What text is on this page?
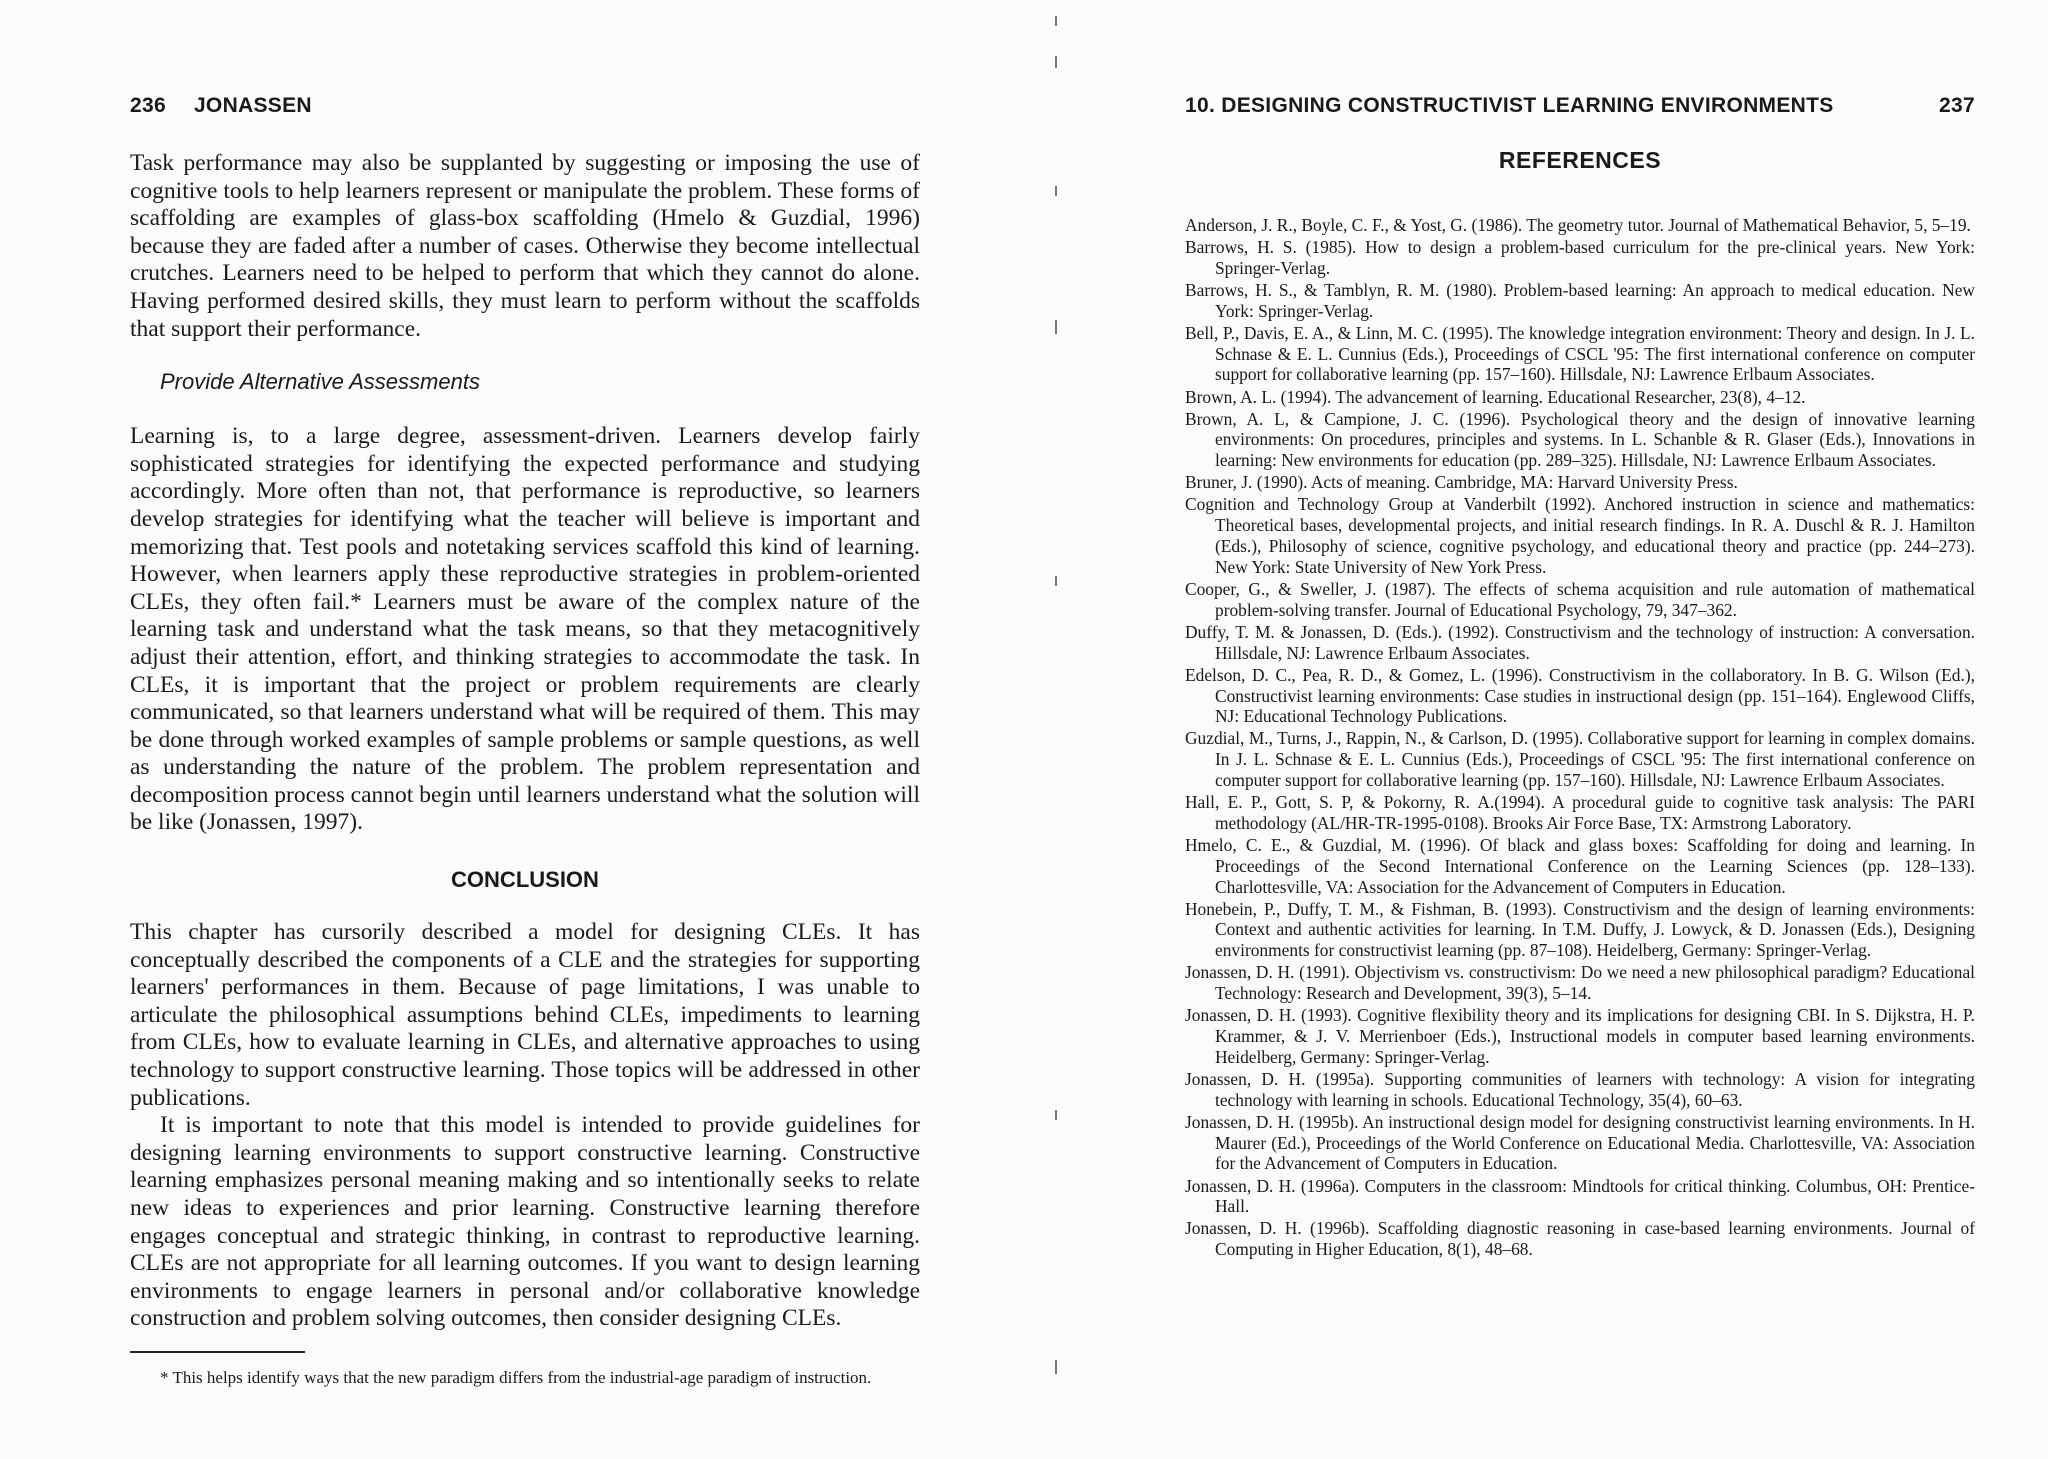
236 JONASSEN

Task performance may also be supplanted by suggesting or imposing the use of cognitive tools to help learners represent or manipulate the problem. These forms of scaffolding are examples of glass-box scaffolding (Hmelo & Guzdial, 1996) because they are faded after a number of cases. Otherwise they become intellectual crutches. Learners need to be helped to perform that which they cannot do alone. Having performed desired skills, they must learn to perform without the scaffolds that support their performance.

Provide Alternative Assessments

Learning is, to a large degree, assessment-driven. Learners develop fairly sophisticated strategies for identifying the expected performance and studying accordingly. More often than not, that performance is reproductive, so learners develop strategies for identifying what the teacher will believe is important and memorizing that. Test pools and notetaking services scaffold this kind of learning. However, when learners apply these reproductive strategies in problem-oriented CLEs, they often fail.* Learners must be aware of the complex nature of the learning task and understand what the task means, so that they metacognitively adjust their attention, effort, and thinking strategies to accommodate the task. In CLEs, it is important that the project or problem requirements are clearly communicated, so that learners understand what will be required of them. This may be done through worked examples of sample problems or sample questions, as well as understanding the nature of the problem. The problem representation and decomposition process cannot begin until learners understand what the solution will be like (Jonassen, 1997).

CONCLUSION

This chapter has cursorily described a model for designing CLEs. It has conceptually described the components of a CLE and the strategies for supporting learners' performances in them. Because of page limitations, I was unable to articulate the philosophical assumptions behind CLEs, impediments to learning from CLEs, how to evaluate learning in CLEs, and alternative approaches to using technology to support constructive learning. Those topics will be addressed in other publications.

It is important to note that this model is intended to provide guidelines for designing learning environments to support constructive learning. Constructive learning emphasizes personal meaning making and so intentionally seeks to relate new ideas to experiences and prior learning. Constructive learning therefore engages conceptual and strategic thinking, in contrast to reproductive learning. CLEs are not appropriate for all learning outcomes. If you want to design learning environments to engage learners in personal and/or collaborative knowledge construction and problem solving outcomes, then consider designing CLEs.

* This helps identify ways that the new paradigm differs from the industrial-age paradigm of instruction.

10. DESIGNING CONSTRUCTIVIST LEARNING ENVIRONMENTS	237
REFERENCES

Anderson, J. R., Boyle, C. F., & Yost, G. (1986). The geometry tutor. Journal of Mathematical Behavior, 5, 5–19.

Barrows, H. S. (1985). How to design a problem-based curriculum for the pre-clinical years. New York: Springer-Verlag.

Barrows, H. S., & Tamblyn, R. M. (1980). Problem-based learning: An approach to medical education. New York: Springer-Verlag.

Bell, P., Davis, E. A., & Linn, M. C. (1995). The knowledge integration environment: Theory and design. In J. L. Schnase & E. L. Cunnius (Eds.), Proceedings of CSCL '95: The first international conference on computer support for collaborative learning (pp. 157–160). Hillsdale, NJ: Lawrence Erlbaum Associates.

Brown, A. L. (1994). The advancement of learning. Educational Researcher, 23(8), 4–12.

Brown, A. L, & Campione, J. C. (1996). Psychological theory and the design of innovative learning environments: On procedures, principles and systems. In L. Schanble & R. Glaser (Eds.), Innovations in learning: New environments for education (pp. 289–325). Hillsdale, NJ: Lawrence Erlbaum Associates.

Bruner, J. (1990). Acts of meaning. Cambridge, MA: Harvard University Press.

Cognition and Technology Group at Vanderbilt (1992). Anchored instruction in science and mathematics: Theoretical bases, developmental projects, and initial research findings. In R. A. Duschl & R. J. Hamilton (Eds.), Philosophy of science, cognitive psychology, and educational theory and practice (pp. 244–273). New York: State University of New York Press.

Cooper, G., & Sweller, J. (1987). The effects of schema acquisition and rule automation of mathematical problem-solving transfer. Journal of Educational Psychology, 79, 347–362.

Duffy, T. M. & Jonassen, D. (Eds.). (1992). Constructivism and the technology of instruction: A conversation. Hillsdale, NJ: Lawrence Erlbaum Associates.

Edelson, D. C., Pea, R. D., & Gomez, L. (1996). Constructivism in the collaboratory. In B. G. Wilson (Ed.), Constructivist learning environments: Case studies in instructional design (pp. 151–164). Englewood Cliffs, NJ: Educational Technology Publications.

Guzdial, M., Turns, J., Rappin, N., & Carlson, D. (1995). Collaborative support for learning in complex domains. In J. L. Schnase & E. L. Cunnius (Eds.), Proceedings of CSCL '95: The first international conference on computer support for collaborative learning (pp. 157–160). Hillsdale, NJ: Lawrence Erlbaum Associates.

Hall, E. P., Gott, S. P, & Pokorny, R. A.(1994). A procedural guide to cognitive task analysis: The PARI methodology (AL/HR-TR-1995-0108). Brooks Air Force Base, TX: Armstrong Laboratory.

Hmelo, C. E., & Guzdial, M. (1996). Of black and glass boxes: Scaffolding for doing and learning. In Proceedings of the Second International Conference on the Learning Sciences (pp. 128–133). Charlottesville, VA: Association for the Advancement of Computers in Education.

Honebein, P., Duffy, T. M., & Fishman, B. (1993). Constructivism and the design of learning environments: Context and authentic activities for learning. In T.M. Duffy, J. Lowyck, & D. Jonassen (Eds.), Designing environments for constructivist learning (pp. 87–108). Heidelberg, Germany: Springer-Verlag.

Jonassen, D. H. (1991). Objectivism vs. constructivism: Do we need a new philosophical paradigm? Educational Technology: Research and Development, 39(3), 5–14.

Jonassen, D. H. (1993). Cognitive flexibility theory and its implications for designing CBI. In S. Dijkstra, H. P. Krammer, & J. V. Merrienboer (Eds.), Instructional models in computer based learning environments. Heidelberg, Germany: Springer-Verlag.

Jonassen, D. H. (1995a). Supporting communities of learners with technology: A vision for integrating technology with learning in schools. Educational Technology, 35(4), 60–63.

Jonassen, D. H. (1995b). An instructional design model for designing constructivist learning environments. In H. Maurer (Ed.), Proceedings of the World Conference on Educational Media. Charlottesville, VA: Association for the Advancement of Computers in Education.

Jonassen, D. H. (1996a). Computers in the classroom: Mindtools for critical thinking. Columbus, OH: Prentice-Hall.

Jonassen, D. H. (1996b). Scaffolding diagnostic reasoning in case-based learning environments. Journal of Computing in Higher Education, 8(1), 48–68.
